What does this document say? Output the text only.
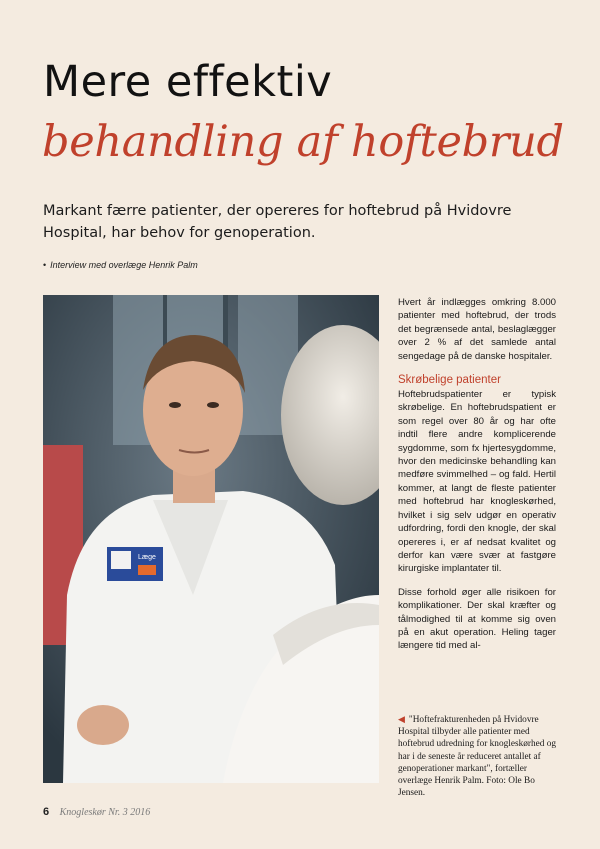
Mere effektiv
behandling af hoftebrud

Markant færre patienter, der opereres for hoftebrud på Hvidovre Hospital, har behov for genoperation.

• Interview med overlæge Henrik Palm
Læge

Hvert år indlægges omkring 8.000 patienter med hoftebrud, der trods det begrænsede antal, beslaglægger over 2 % af det samlede antal sengedage på de danske hospitaler.

Skrøbelige patienter

Hoftebrudspatienter er typisk skrøbelige. En hoftebrudspatient er som regel over 80 år og har ofte indtil flere andre komplicerende sygdomme, som fx hjertesygdomme, hvor den medicinske behandling kan medføre svimmelhed – og fald. Hertil kommer, at langt de fleste patienter med hoftebrud har knogleskørhed, hvilket i sig selv udgør en operativ udfordring, fordi den knogle, der skal opereres i, er af nedsat kvalitet og derfor kan være svær at fastgøre kirurgiske implantater til.

Disse forhold øger alle risikoen for komplikationer. Der skal kræfter og tålmodighed til at komme sig oven på en akut operation. Heling tager længere tid med al-

◀ "Hoftefrakturenheden på Hvidovre Hospital tilbyder alle patienter med hoftebrud udredning for knogleskørhed og har i de seneste år reduceret antallet af genoperationer markant", fortæller overlæge Henrik Palm. Foto: Ole Bo Jensen.
6 Knogleskør Nr. 3 2016
